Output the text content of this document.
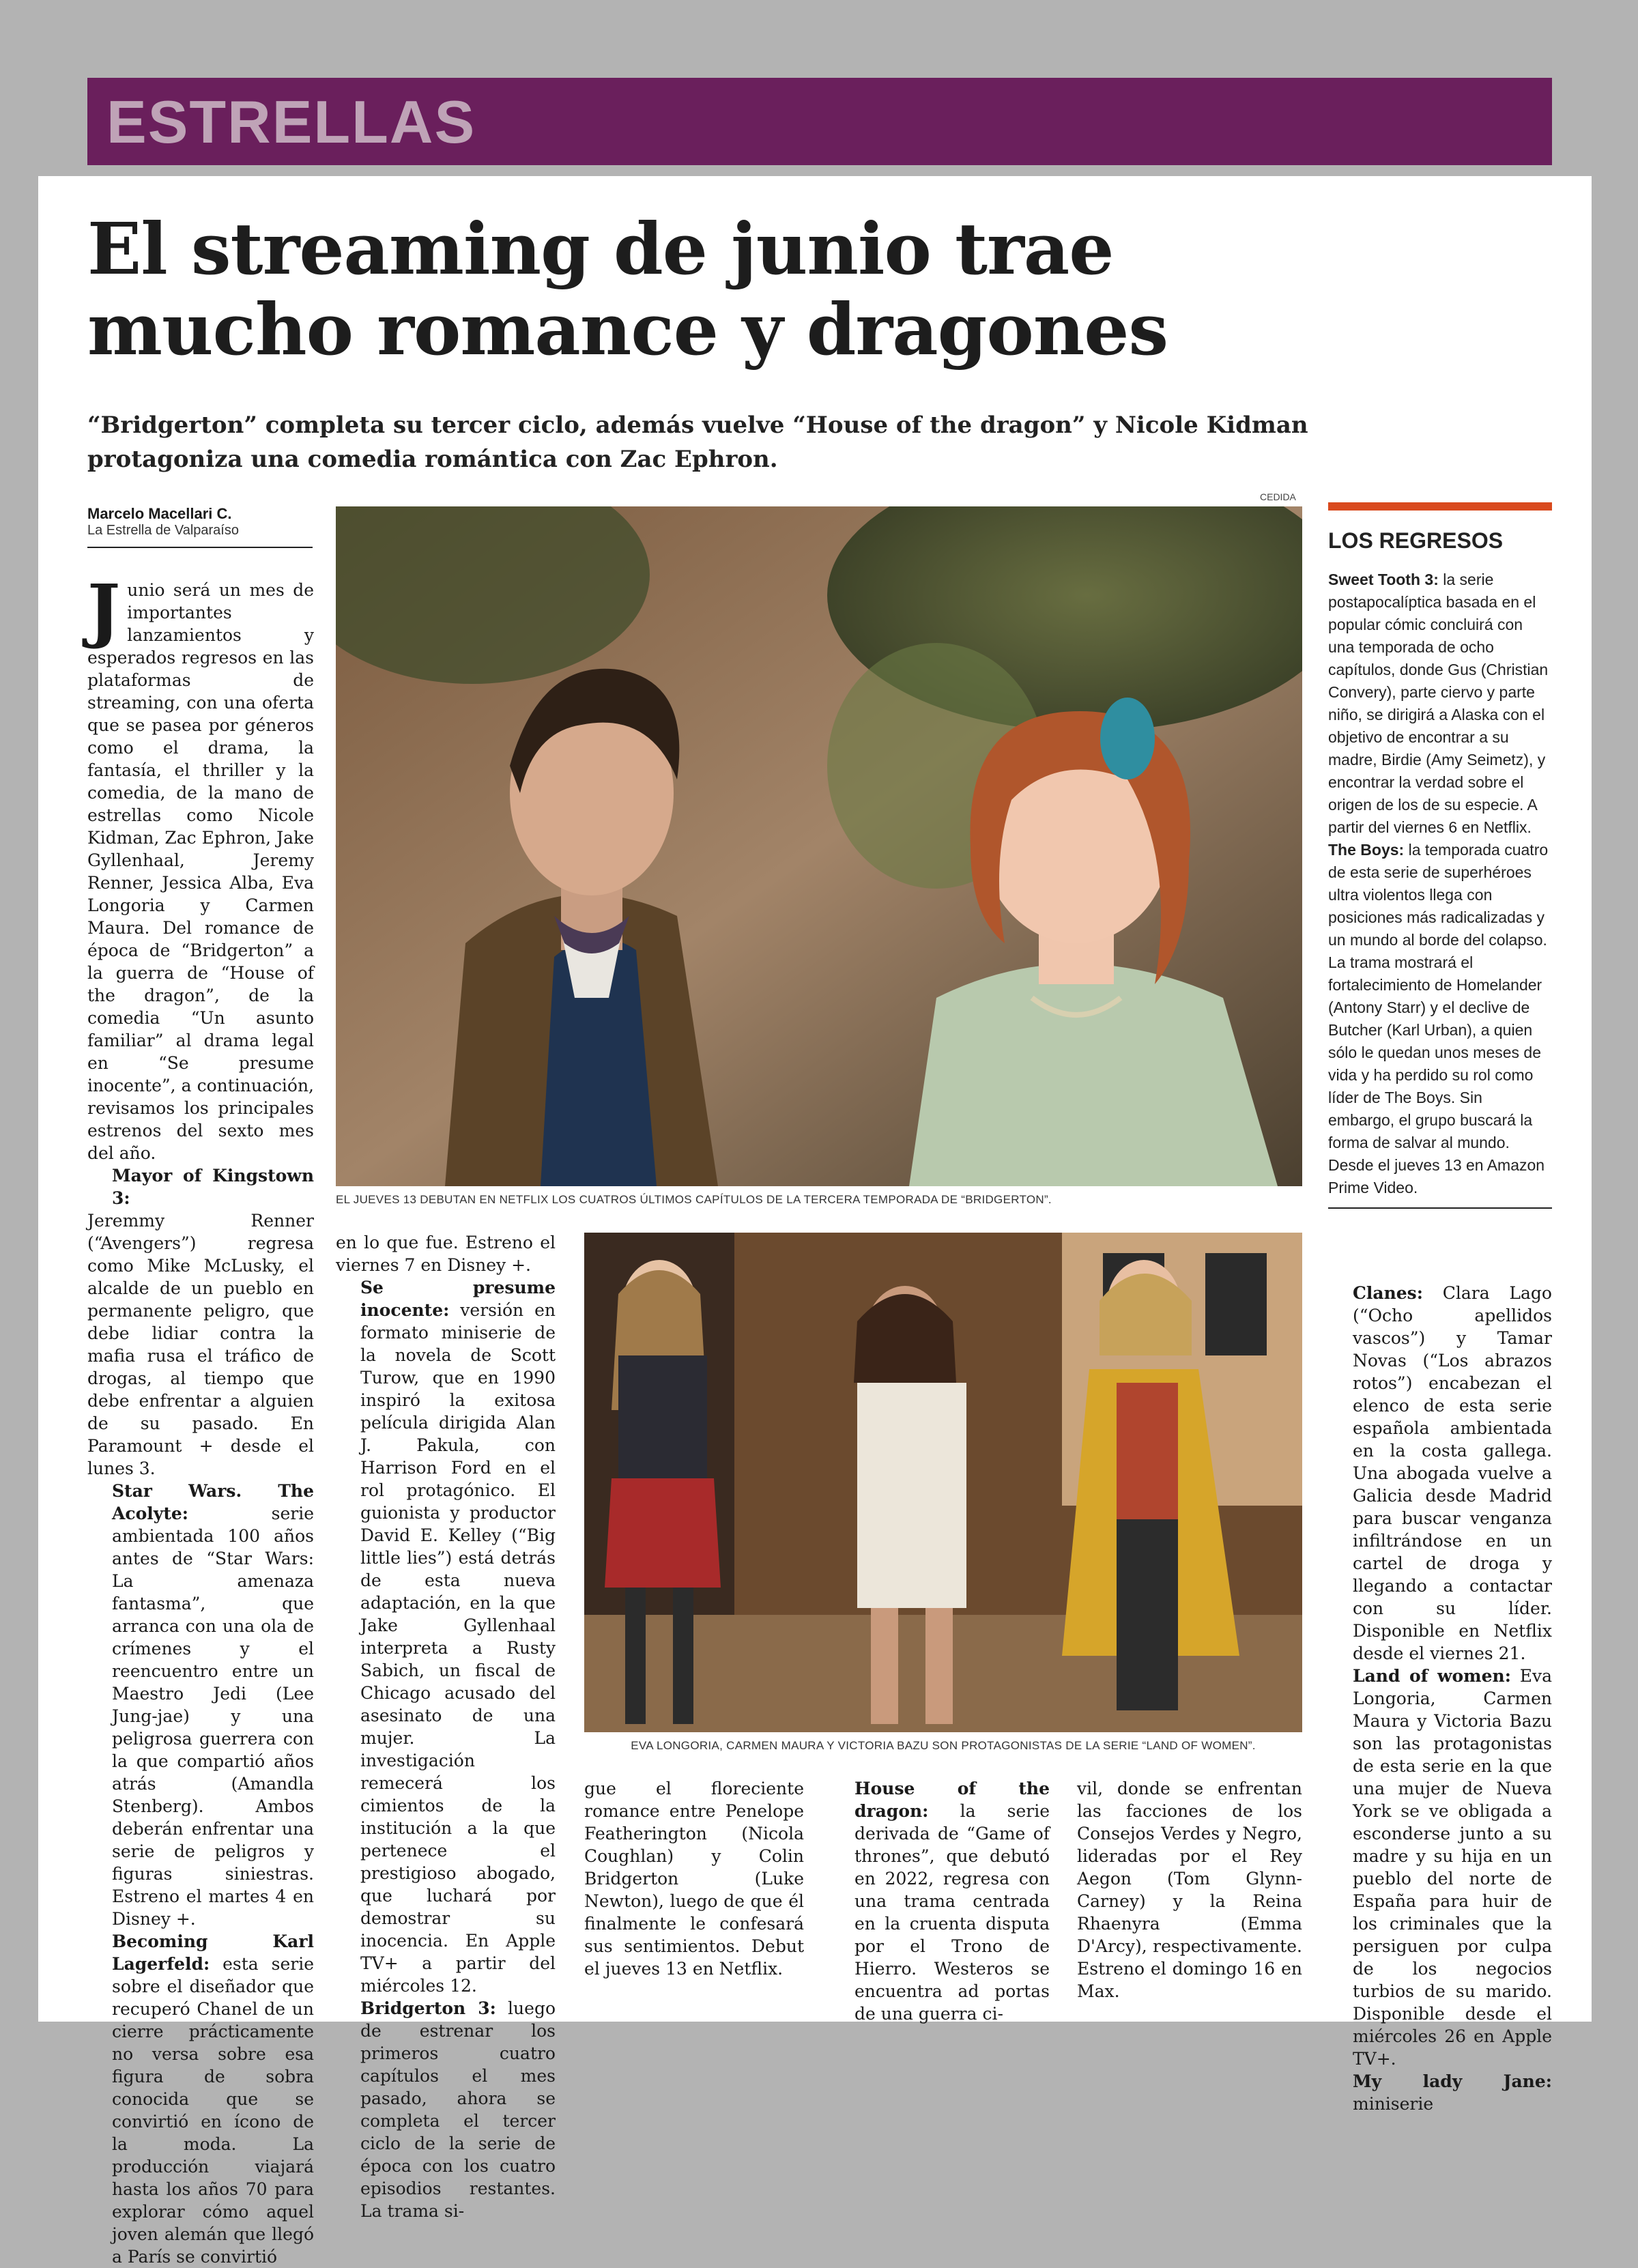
ESTRELLAS
El streaming de junio trae mucho romance y dragones

“Bridgerton” completa su tercer ciclo, además vuelve “House of the dragon” y Nicole Kidman protagoniza una comedia romántica con Zac Ephron.

Marcelo Macellari C.
La Estrella de Valparaíso
CEDIDA

Junio será un mes de importantes lanzamientos y esperados regresos en las plataformas de streaming, con una oferta que se pasea por géneros como el drama, la fantasía, el thriller y la comedia, de la mano de estrellas como Nicole Kidman, Zac Ephron, Jake Gyllenhaal, Jeremy Renner, Jessica Alba, Eva Longoria y Carmen Maura. Del romance de época de “Bridgerton” a la guerra de “House of the dragon”, de la comedia “Un asunto familiar” al drama legal en “Se presume inocente”, a continuación, revisamos los principales estrenos del sexto mes del año.

Mayor of Kingstown 3:

Jeremmy Renner (“Avengers”) regresa como Mike McLusky, el alcalde de un pueblo en permanente peligro, que debe lidiar contra la mafia rusa el tráfico de drogas, al tiempo que debe enfrentar a alguien de su pasado. En Paramount + desde el lunes 3.

Star Wars. The Acolyte:	serie ambientada 100 años antes de “Star Wars: La amenaza fantasma”, que arranca con una ola de crímenes y el reencuentro entre un Maestro Jedi (Lee Jung-jae) y una peligrosa guerrera con la que compartió años atrás (Amandla Stenberg). Ambos deberán enfrentar una serie de peligros y figuras siniestras. Estreno el martes 4 en Disney +.

Becoming Karl Lagerfeld: esta serie sobre el diseñador que recuperó Chanel de un cierre prácticamente no versa sobre esa figura de sobra conocida que se convirtió en ícono de la moda. La producción viajará hasta los años 70 para explorar cómo aquel joven alemán que llegó a París se convirtió

EL JUEVES 13 DEBUTAN EN NETFLIX LOS CUATROS ÚLTIMOS CAPÍTULOS DE LA TERCERA TEMPORADA DE “BRIDGERTON”.

en lo que fue. Estreno el viernes 7 en Disney +.

Se presume inocente: versión en formato miniserie de la novela de Scott Turow, que en 1990 inspiró la exitosa película dirigida Alan J. Pakula, con Harrison Ford en el rol protagónico. El guionista y productor David E. Kelley (“Big little lies”) está detrás de esta nueva adaptación, en la que Jake Gyllenhaal interpreta a Rusty Sabich, un fiscal de Chicago acusado del asesinato de una mujer. La investigación remecerá los cimientos de la institución a la que pertenece el prestigioso abogado, que luchará por demostrar su inocencia. En Apple TV+ a partir del miércoles 12.

Bridgerton 3: luego de estrenar los primeros cuatro capítulos el mes pasado, ahora se completa el tercer ciclo de la serie de época con los cuatro episodios restantes. La trama si-

EVA LONGORIA, CARMEN MAURA Y VICTORIA BAZU SON PROTAGONISTAS DE LA SERIE “LAND OF WOMEN”.

gue el floreciente romance entre Penelope Featherington (Nicola Coughlan) y Colin Bridgerton (Luke Newton), luego de que él finalmente le confesará sus sentimientos. Debut el jueves 13 en Netflix.

House of the dragon: la serie derivada de “Game of thrones”, que debutó en 2022, regresa con una trama centrada en la cruenta disputa por el Trono de Hierro. Westeros se encuentra ad portas de una guerra ci-

vil, donde se enfrentan las facciones de los Consejos Verdes y Negro, lideradas por el Rey Aegon (Tom Glynn-Carney) y la Reina Rhaenyra (Emma D'Arcy), respectivamente. Estreno el domingo 16 en Max.

LOS REGRESOS
Sweet Tooth 3: la serie postapocalíptica basada en el popular cómic concluirá con una temporada de ocho capítulos, donde Gus (Christian Convery), parte ciervo y parte niño, se dirigirá a Alaska con el objetivo de encontrar a su madre, Birdie (Amy Seimetz), y encontrar la verdad sobre el origen de los de su especie. A partir del viernes 6 en Netflix.
The Boys: la temporada cuatro de esta serie de superhéroes ultra violentos llega con posiciones más radicalizadas y un mundo al borde del colapso. La trama mostrará el fortalecimiento de Homelander (Antony Starr) y el declive de Butcher (Karl Urban), a quien sólo le quedan unos meses de vida y ha perdido su rol como líder de The Boys. Sin embargo, el grupo buscará la forma de salvar al mundo. Desde el jueves 13 en Amazon Prime Video.

Clanes: Clara Lago (“Ocho apellidos vascos”) y Tamar Novas (“Los abrazos rotos”) encabezan el elenco de esta serie española ambientada en la costa gallega. Una abogada vuelve a Galicia desde Madrid para buscar venganza infiltrándose en un cartel de droga y llegando a contactar con su líder. Disponible en Netflix desde el viernes 21.

Land of women: Eva Longoria, Carmen Maura y Victoria Bazu son las protagonistas de esta serie en la que una mujer de Nueva York se ve obligada a esconderse junto a su madre y su hija en un pueblo del norte de España para huir de los criminales que la persiguen por culpa de los negocios turbios de su marido. Disponible desde el miércoles 26 en Apple TV+.

My lady Jane: miniserie
